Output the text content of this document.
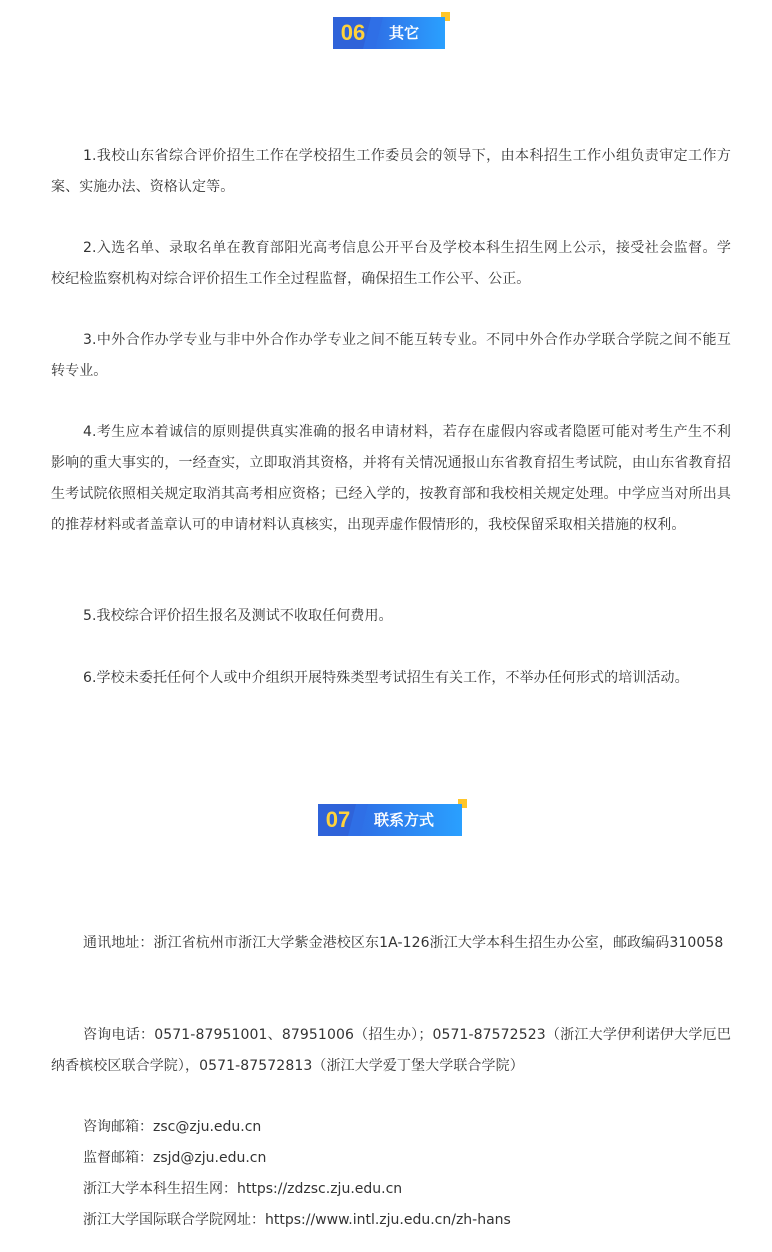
06	其它

1.我校山东省综合评价招生工作在学校招生工作委员会的领导下，由本科招生工作小组负责审定工作方案、实施办法、资格认定等。

2.入选名单、录取名单在教育部阳光高考信息公开平台及学校本科生招生网上公示，接受社会监督。学校纪检监察机构对综合评价招生工作全过程监督，确保招生工作公平、公正。

3.中外合作办学专业与非中外合作办学专业之间不能互转专业。不同中外合作办学联合学院之间不能互转专业。

4.考生应本着诚信的原则提供真实准确的报名申请材料，若存在虚假内容或者隐匿可能对考生产生不利影响的重大事实的，一经查实，立即取消其资格，并将有关情况通报山东省教育招生考试院，由山东省教育招生考试院依照相关规定取消其高考相应资格；已经入学的，按教育部和我校相关规定处理。中学应当对所出具的推荐材料或者盖章认可的申请材料认真核实，出现弄虚作假情形的，我校保留采取相关措施的权利。

5.我校综合评价招生报名及测试不收取任何费用。

6.学校未委托任何个人或中介组织开展特殊类型考试招生有关工作，不举办任何形式的培训活动。

07	联系方式

通讯地址：浙江省杭州市浙江大学紫金港校区东1A-126浙江大学本科生招生办公室，邮政编码310058

咨询电话：0571-87951001、87951006（招生办）；0571-87572523（浙江大学伊利诺伊大学厄巴纳香槟校区联合学院），0571-87572813（浙江大学爱丁堡大学联合学院）

咨询邮箱：zsc@zju.edu.cn

监督邮箱：zsjd@zju.edu.cn

浙江大学本科生招生网：https://zdzsc.zju.edu.cn

浙江大学国际联合学院网址：https://www.intl.zju.edu.cn/zh-hans
